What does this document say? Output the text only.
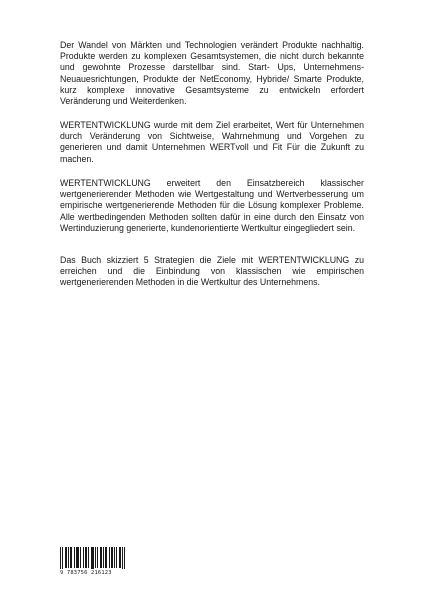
Der Wandel von Märkten und Technologien verändert Produkte nachhaltig. Produkte werden zu komplexen Gesamtsystemen, die nicht durch bekannte und gewohnte Prozesse darstellbar sind. Start- Ups, Unternehmens- Neuauesrichtungen, Produkte der NetEconomy, Hybride/ Smarte Produkte, kurz komplexe innovative Gesamtsysteme zu entwickeln erfordert Veränderung und Weiterdenken.

WERTENTWICKLUNG wurde mit dem Ziel erarbeitet, Wert für Unternehmen durch Veränderung von Sichtweise, Wahrnehmung und Vorgehen zu generieren und damit Unternehmen WERTvoll und Fit Für die Zukunft zu machen.

WERTENTWICKLUNG erweitert den Einsatzbereich klassischer wertgenerierender Methoden wie Wertgestaltung und Wertverbesserung um empirische wertgenerierende Methoden für die Lösung komplexer Probleme. Alle wertbedingenden Methoden sollten dafür in eine durch den Einsatz von Wertinduzierung generierte, kundenorientierte Wertkultur eingegliedert sein.

Das Buch skizziert 5 Strategien die Ziele mit WERTENTWICKLUNG zu erreichen und die Einbindung von klassischen wie empirischen wertgenerierenden Methoden in die Wertkultur des Unternehmens.

9 783756 216123
